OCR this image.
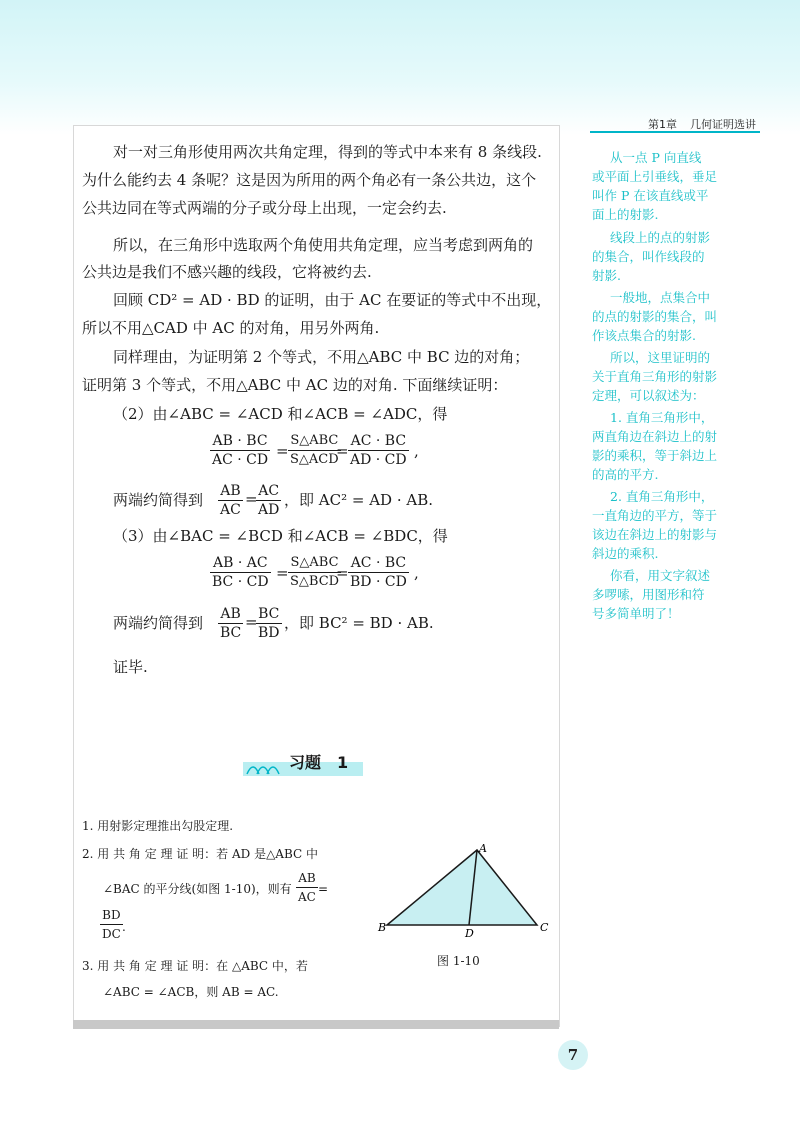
第1章 几何证明选讲
对一对三角形使用两次共角定理，得到的等式中本来有 8 条线段.
为什么能约去 4 条呢？这是因为所用的两个角必有一条公共边，这个
公共边同在等式两端的分子或分母上出现，一定会约去.
所以，在三角形中选取两个角使用共角定理，应当考虑到两角的
公共边是我们不感兴趣的线段，它将被约去.
回顾 CD² = AD · BD 的证明，由于 AC 在要证的等式中不出现，
所以不用△CAD 中 AC 的对角，用另外两角.
同样理由，为证明第 2 个等式，不用△ABC 中 BC 边的对角；
证明第 3 个等式，不用△ABC 中 AC 边的对角. 下面继续证明：
（2）由∠ABC = ∠ACD 和∠ACB = ∠ADC，得
$\frac{AB \cdot BC}{AC \cdot CD}$ =
S△ABC
S△ACD
= $\frac{AC \cdot BC}{AD \cdot CD}$ ,
两端约简得到 $\frac{AB}{AC}$ =
$\frac{AC}{AD}$ ，即 AC² = AD · AB.
（3）由∠BAC = ∠BCD 和∠ACB = ∠BDC，得
$\frac{AB \cdot AC}{BC \cdot CD}$ =
S△ABC
S△BCD
= $\frac{AC \cdot BC}{BD \cdot CD}$ ,
两端约简得到 $\frac{AB}{BC}$ =
$\frac{BC}{BD}$ ，即 BC² = BD · AB.
证毕.
习题　1
1. 用射影定理推出勾股定理.
2. 用 共 角 定 理 证 明：若 AD 是△ABC 中
∠BAC 的平分线(如图 1-10)，则有 $\frac{AB}{AC}$ =
$\frac{BD}{DC}$ .
3. 用 共 角 定 理 证 明：在 △ABC 中，若
∠ABC = ∠ACB，则 AB = AC.
A
B	C
D
图 1-10
从一点 P 向直线
或平面上引垂线，垂足
叫作 P 在该直线或平
面上的射影.
线段上的点的射影
的集合，叫作线段的
射影.
一般地，点集合中
的点的射影的集合，叫
作该点集合的射影.
所以，这里证明的
关于直角三角形的射影
定理，可以叙述为：
1. 直角三角形中，
两直角边在斜边上的射
影的乘积，等于斜边上
的高的平方.
2. 直角三角形中，
一直角边的平方，等于
该边在斜边上的射影与
斜边的乘积.
你看，用文字叙述
多啰嗦，用图形和符
号多简单明了！
7
